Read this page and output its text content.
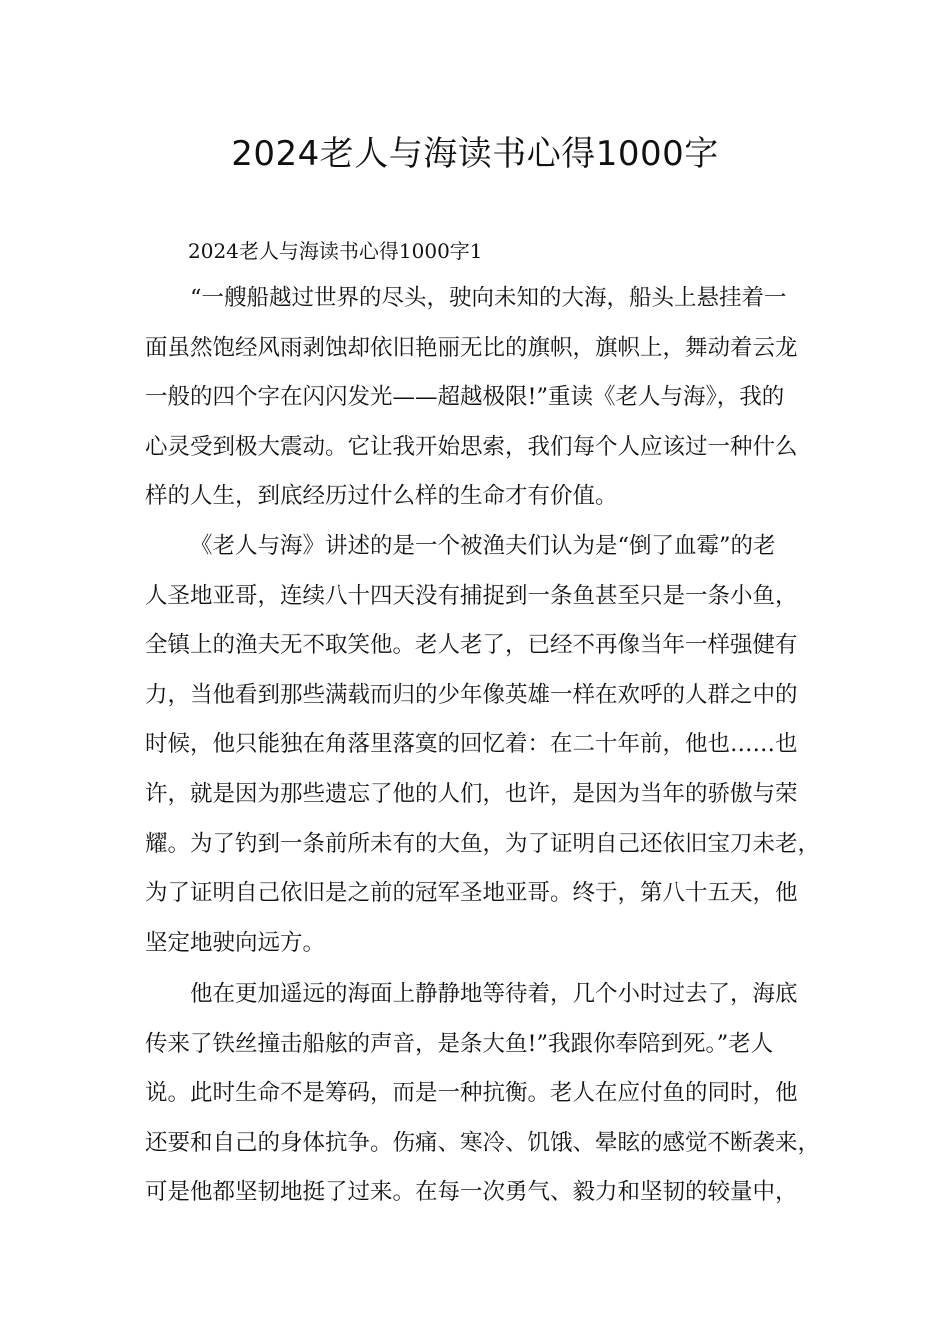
2024老人与海读书心得1000字
2024老人与海读书心得1000字1
“一艘船越过世界的尽头，驶向未知的大海，船头上悬挂着一
面虽然饱经风雨剥蚀却依旧艳丽无比的旗帜，旗帜上，舞动着云龙
一般的四个字在闪闪发光——超越极限!”重读《老人与海》，我的
心灵受到极大震动。它让我开始思索，我们每个人应该过一种什么
样的人生，到底经历过什么样的生命才有价值。
《老人与海》讲述的是一个被渔夫们认为是“倒了血霉”的老
人圣地亚哥，连续八十四天没有捕捉到一条鱼甚至只是一条小鱼，
全镇上的渔夫无不取笑他。老人老了，已经不再像当年一样强健有
力，当他看到那些满载而归的少年像英雄一样在欢呼的人群之中的
时候，他只能独在角落里落寞的回忆着：在二十年前，他也……也
许，就是因为那些遗忘了他的人们，也许，是因为当年的骄傲与荣
耀。为了钓到一条前所未有的大鱼，为了证明自己还依旧宝刀未老，
为了证明自己依旧是之前的冠军圣地亚哥。终于，第八十五天，他
坚定地驶向远方。
他在更加遥远的海面上静静地等待着，几个小时过去了，海底
传来了铁丝撞击船舷的声音，是条大鱼!”我跟你奉陪到死。”老人
说。此时生命不是筹码，而是一种抗衡。老人在应付鱼的同时，他
还要和自己的身体抗争。伤痛、寒冷、饥饿、晕眩的感觉不断袭来，
可是他都坚韧地挺了过来。在每一次勇气、毅力和坚韧的较量中，
